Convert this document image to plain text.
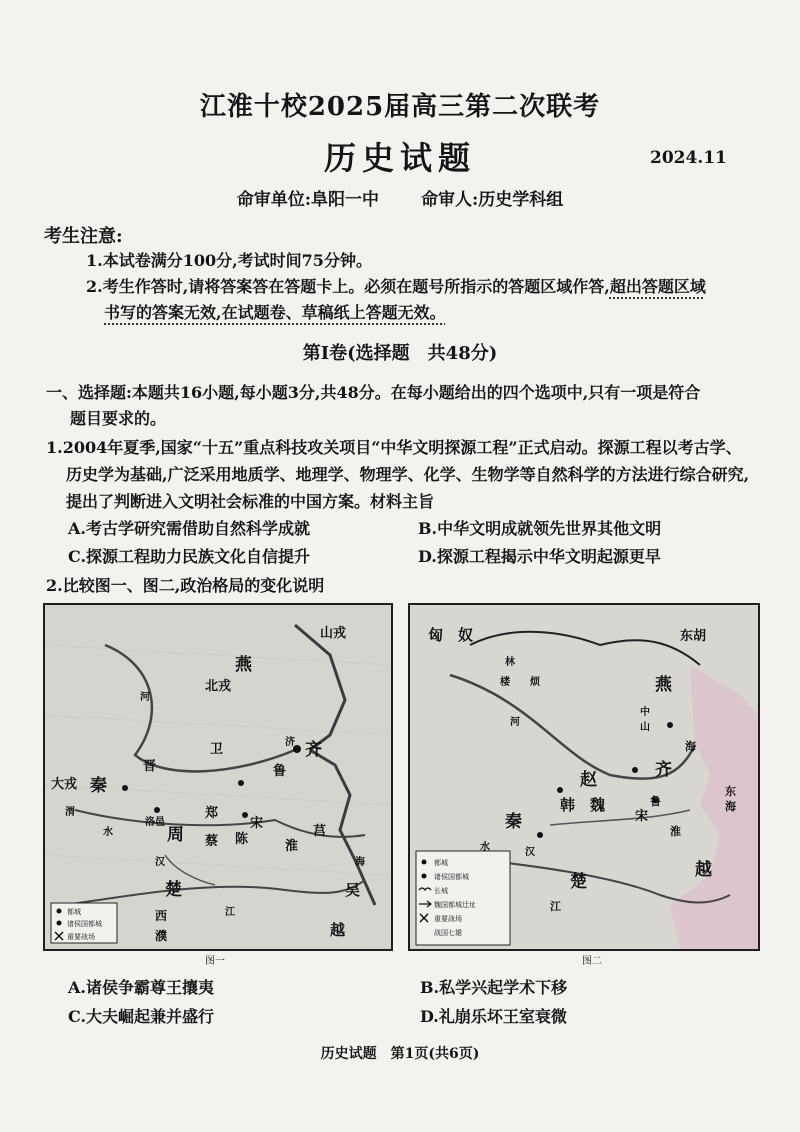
江淮十校2025届高三第二次联考
历史试题	2024.11
命审单位:阜阳一中 命审人:历史学科组
考生注意:
1.本试卷满分100分,考试时间75分钟。
2.考生作答时,请将答案答在答题卡上。必须在题号所指示的答题区域作答,超出答题区域
书写的答案无效,在试题卷、草稿纸上答题无效。
第Ⅰ卷(选择题　共48分)
一、选择题:本题共16小题,每小题3分,共48分。在每小题给出的四个选项中,只有一项是符合
题目要求的。
1.2004年夏季,国家“十五”重点科技攻关项目“中华文明探源工程”正式启动。探源工程以考古学、
历史学为基础,广泛采用地质学、地理学、物理学、化学、生物学等自然科学的方法进行综合研究,
提出了判断进入文明社会标准的中国方案。材料主旨
A.考古学研究需借助自然科学成就	B.中华文明成就领先世界其他文明
C.探源工程助力民族文化自信提升	D.探源工程揭示中华文明起源更早
2.比较图一、图二,政治格局的变化说明
都城
诸侯国都城
重要战场
山戎
燕
北戎
河
晋
卫	济 齐
鲁
大戎 秦
渭
洛邑
周
郑
宋
蔡 陈
水
汉
淮
莒
海
楚	吴
越
江
西
濮
图一
都城
诸侯国都城
长城
魏国都城迁址
重要战场
战国七雄
匈　奴	东胡
林
楼 烦	燕
赵
魏
韩
秦
齐
宋
鲁
楚
越
中
山
东
海
海
河
水
江
汉
淮
图二
A.诸侯争霸尊王攘夷	B.私学兴起学术下移
C.大夫崛起兼并盛行	D.礼崩乐坏王室衰微
历史试题　第1页(共6页)
